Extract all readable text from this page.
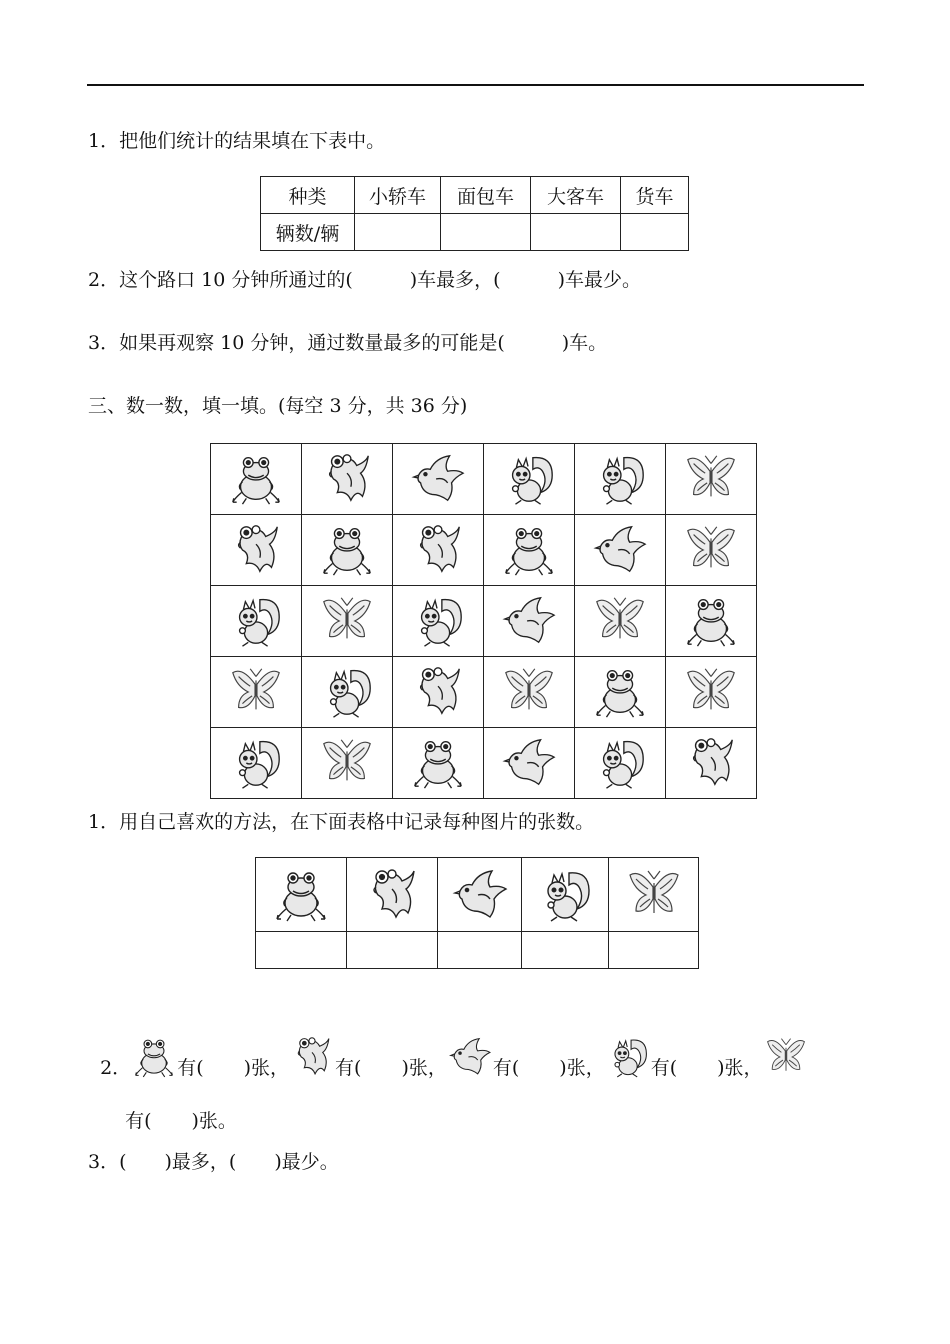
1．把他们统计的结果填在下表中。
种类	小轿车	面包车	大客车	货车
辆数/辆				
2．这个路口 10 分钟所通过的(　　　)车最多，(　　　)车最少。
3．如果再观察 10 分钟，通过数量最多的可能是(　　　)车。
三、数一数，填一填。(每空 3 分，共 36 分)

1．用自己喜欢的方法，在下面表格中记录每种图片的张数。

2． 有( )张， 有( )张， 有( )张， 有( )张，

有( )张。

3．(　　)最多，(　　)最少。
